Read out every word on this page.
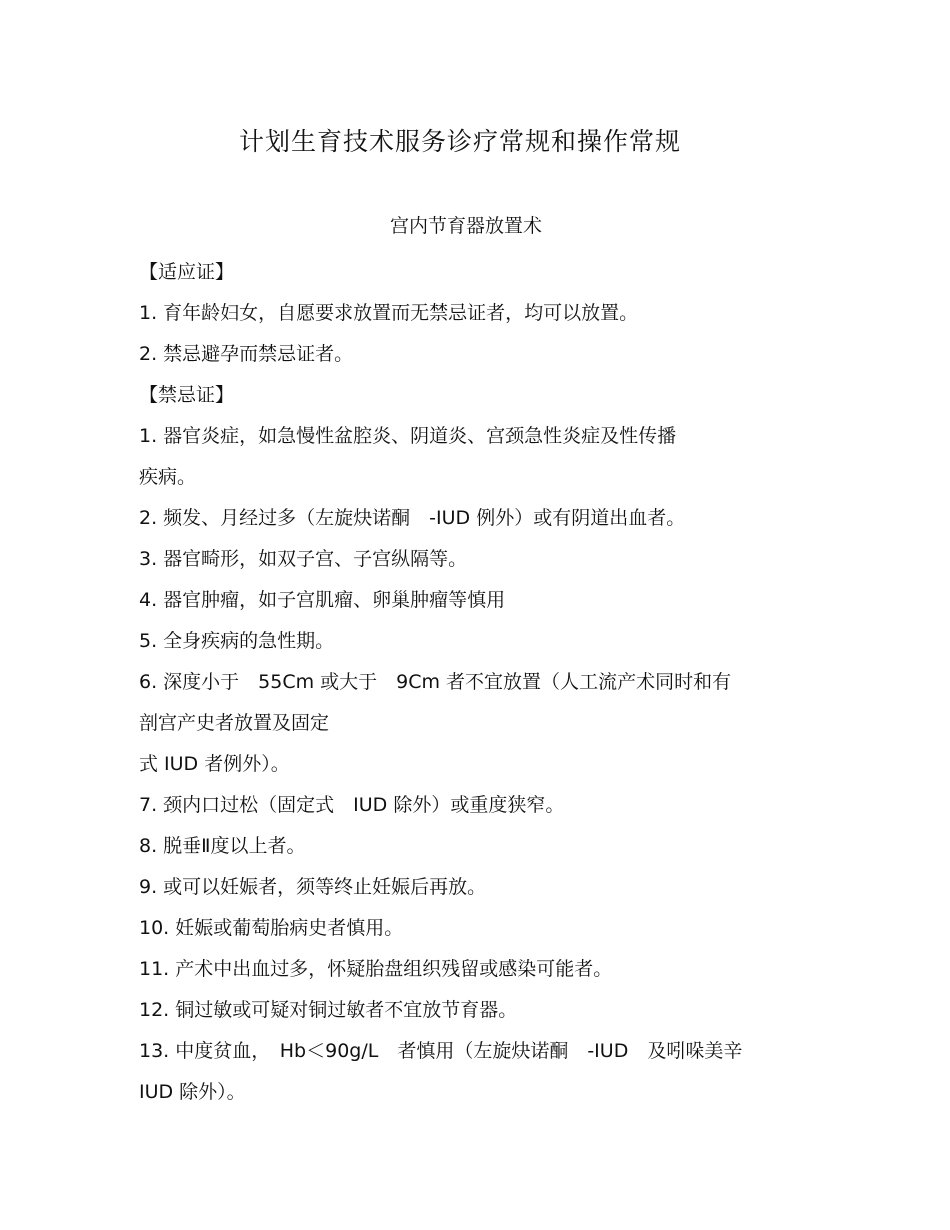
计划生育技术服务诊疗常规和操作常规
宫内节育器放置术

【适应证】

1. 育年龄妇女，自愿要求放置而无禁忌证者，均可以放置。

2. 禁忌避孕而禁忌证者。

【禁忌证】

1. 器官炎症，如急慢性盆腔炎、阴道炎、宫颈急性炎症及性传播

疾病。

2. 频发、月经过多（左旋炔诺酮　-IUD 例外）或有阴道出血者。

3. 器官畸形，如双子宫、子宫纵隔等。

4. 器官肿瘤，如子宫肌瘤、卵巢肿瘤等慎用

5. 全身疾病的急性期。

6. 深度小于　55Cm 或大于　9Cm 者不宜放置（人工流产术同时和有

剖宫产史者放置及固定

式 IUD 者例外）。

7. 颈内口过松（固定式　IUD 除外）或重度狭窄。

8. 脱垂Ⅱ度以上者。

9. 或可以妊娠者，须等终止妊娠后再放。

10. 妊娠或葡萄胎病史者慎用。

11. 产术中出血过多，怀疑胎盘组织残留或感染可能者。

12. 铜过敏或可疑对铜过敏者不宜放节育器。

13. 中度贫血，　Hb＜90g/L　者慎用（左旋炔诺酮　-IUD　及吲哚美辛

IUD 除外）。
